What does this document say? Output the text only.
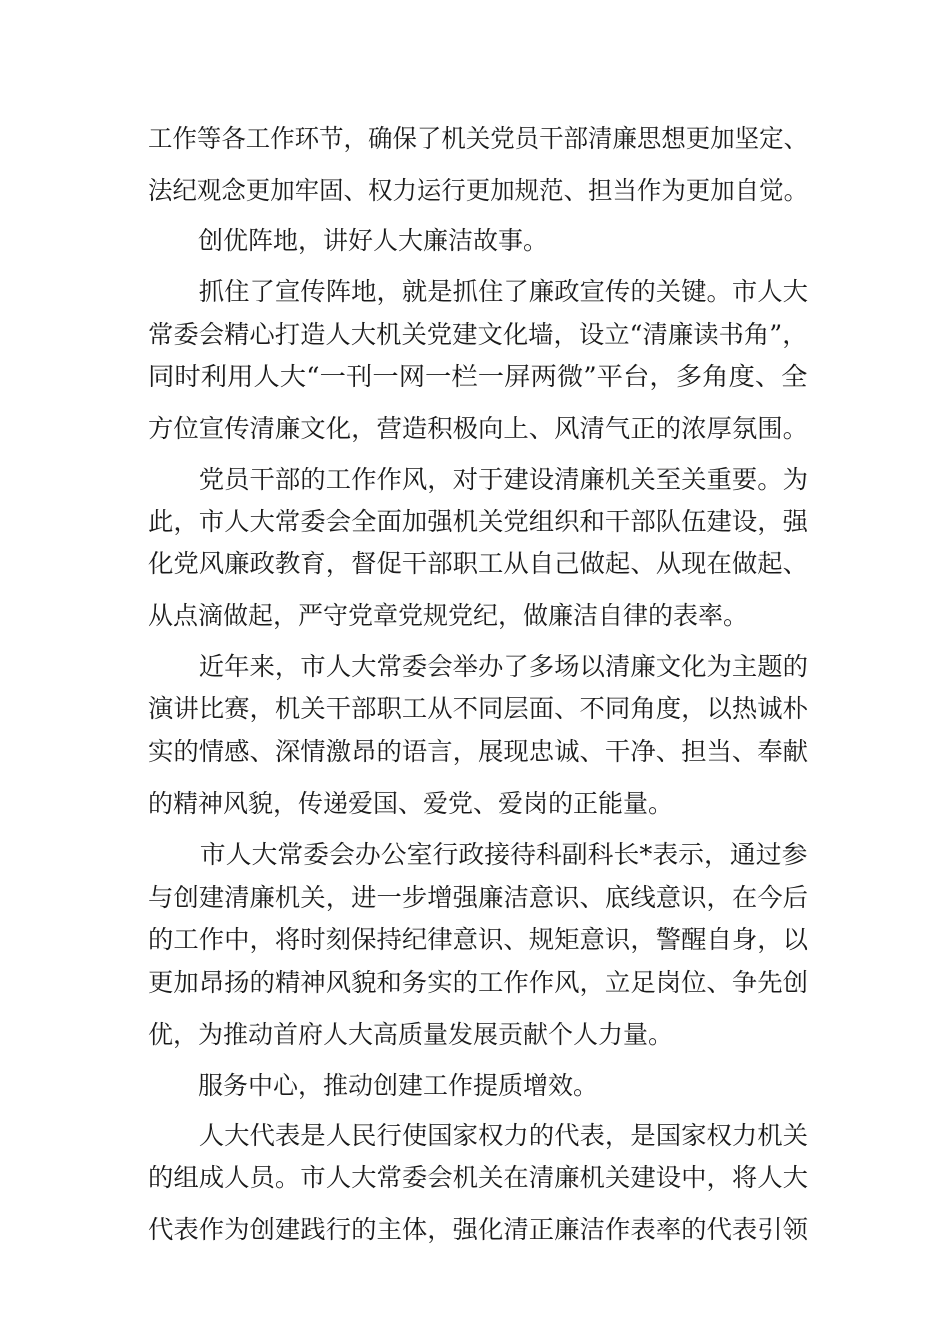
工作等各工作环节，确保了机关党员干部清廉思想更加坚定、
法纪观念更加牢固、权力运行更加规范、担当作为更加自觉。
　　创优阵地，讲好人大廉洁故事。
　　抓住了宣传阵地，就是抓住了廉政宣传的关键。市人大
常委会精心打造人大机关党建文化墙，设立“清廉读书角”，
同时利用人大“一刊一网一栏一屏两微”平台，多角度、全
方位宣传清廉文化，营造积极向上、风清气正的浓厚氛围。
　　党员干部的工作作风，对于建设清廉机关至关重要。为
此，市人大常委会全面加强机关党组织和干部队伍建设，强
化党风廉政教育，督促干部职工从自己做起、从现在做起、
从点滴做起，严守党章党规党纪，做廉洁自律的表率。
　　近年来，市人大常委会举办了多场以清廉文化为主题的
演讲比赛，机关干部职工从不同层面、不同角度，以热诚朴
实的情感、深情激昂的语言，展现忠诚、干净、担当、奉献
的精神风貌，传递爱国、爱党、爱岗的正能量。
　　市人大常委会办公室行政接待科副科长*表示，通过参
与创建清廉机关，进一步增强廉洁意识、底线意识，在今后
的工作中，将时刻保持纪律意识、规矩意识，警醒自身，以
更加昂扬的精神风貌和务实的工作作风，立足岗位、争先创
优，为推动首府人大高质量发展贡献个人力量。
　　服务中心，推动创建工作提质增效。
　　人大代表是人民行使国家权力的代表，是国家权力机关
的组成人员。市人大常委会机关在清廉机关建设中，将人大
代表作为创建践行的主体，强化清正廉洁作表率的代表引领
